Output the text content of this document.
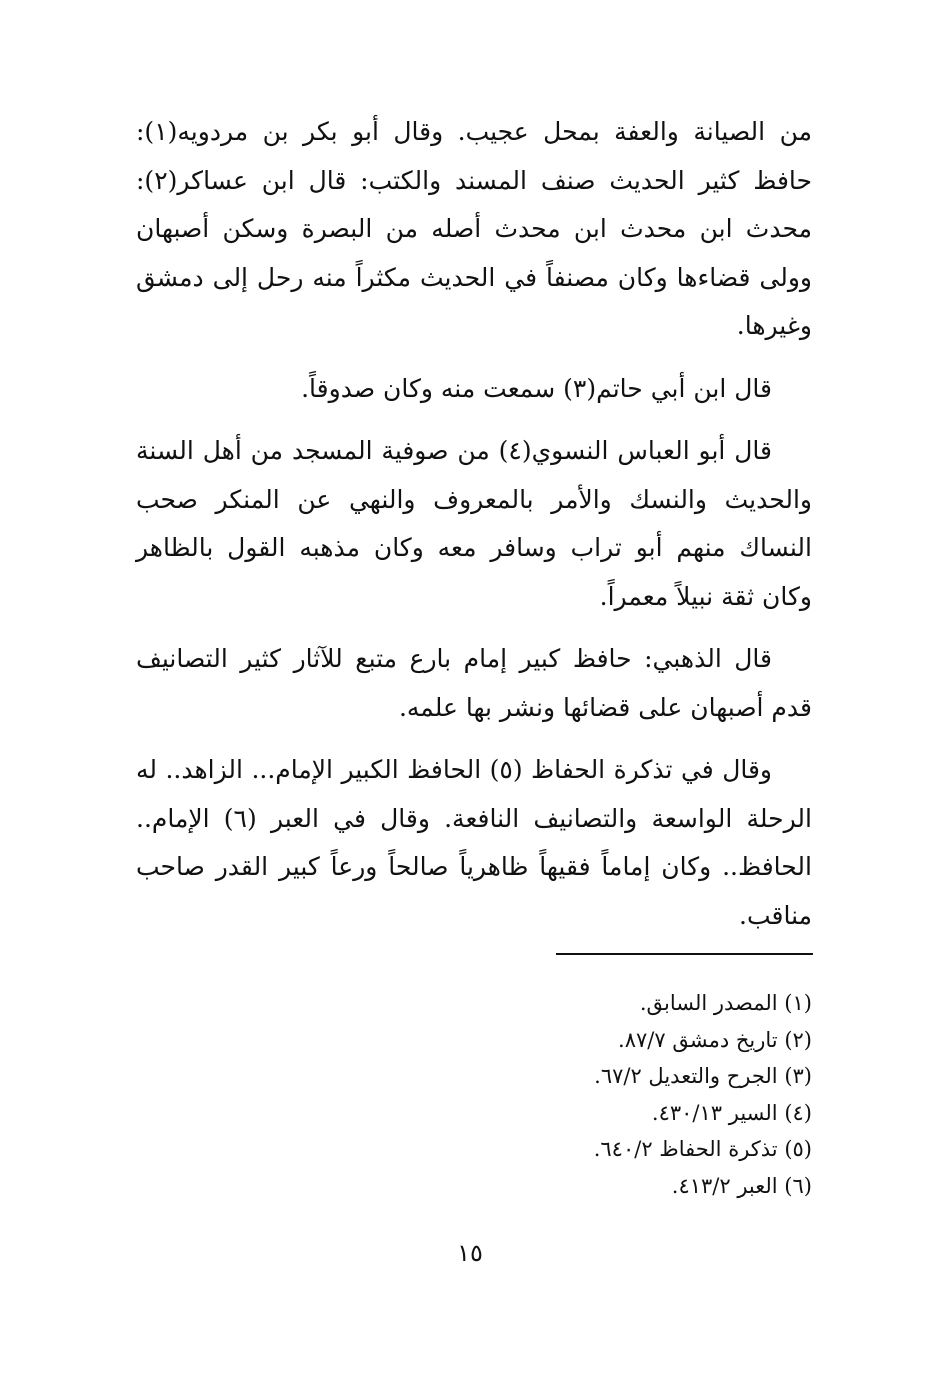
من الصيانة والعفة بمحل عجيب. وقال أبو بكر بن مردويه(١): حافظ كثير الحديث صنف المسند والكتب: قال ابن عساكر(٢): محدث ابن محدث ابن محدث أصله من البصرة وسكن أصبهان وولى قضاءها وكان مصنفاً في الحديث مكثراً منه رحل إلى دمشق وغيرها.

قال ابن أبي حاتم(٣) سمعت منه وكان صدوقاً.

قال أبو العباس النسوي(٤) من صوفية المسجد من أهل السنة والحديث والنسك والأمر بالمعروف والنهي عن المنكر صحب النساك منهم أبو تراب وسافر معه وكان مذهبه القول بالظاهر وكان ثقة نبيلاً معمراً.

قال الذهبي: حافظ كبير إمام بارع متبع للآثار كثير التصانيف قدم أصبهان على قضائها ونشر بها علمه.

وقال في تذكرة الحفاظ (٥) الحافظ الكبير الإمام... الزاهد.. له الرحلة الواسعة والتصانيف النافعة. وقال في العبر (٦) الإمام.. الحافظ.. وكان إماماً فقيهاً ظاهرياً صالحاً ورعاً كبير القدر صاحب مناقب.

(١) المصدر السابق.
(٢) تاريخ دمشق ٨٧/٧.
(٣) الجرح والتعديل ٦٧/٢.
(٤) السير ٤٣٠/١٣.
(٥) تذكرة الحفاظ ٦٤٠/٢.
(٦) العبر ٤١٣/٢.
١٥
